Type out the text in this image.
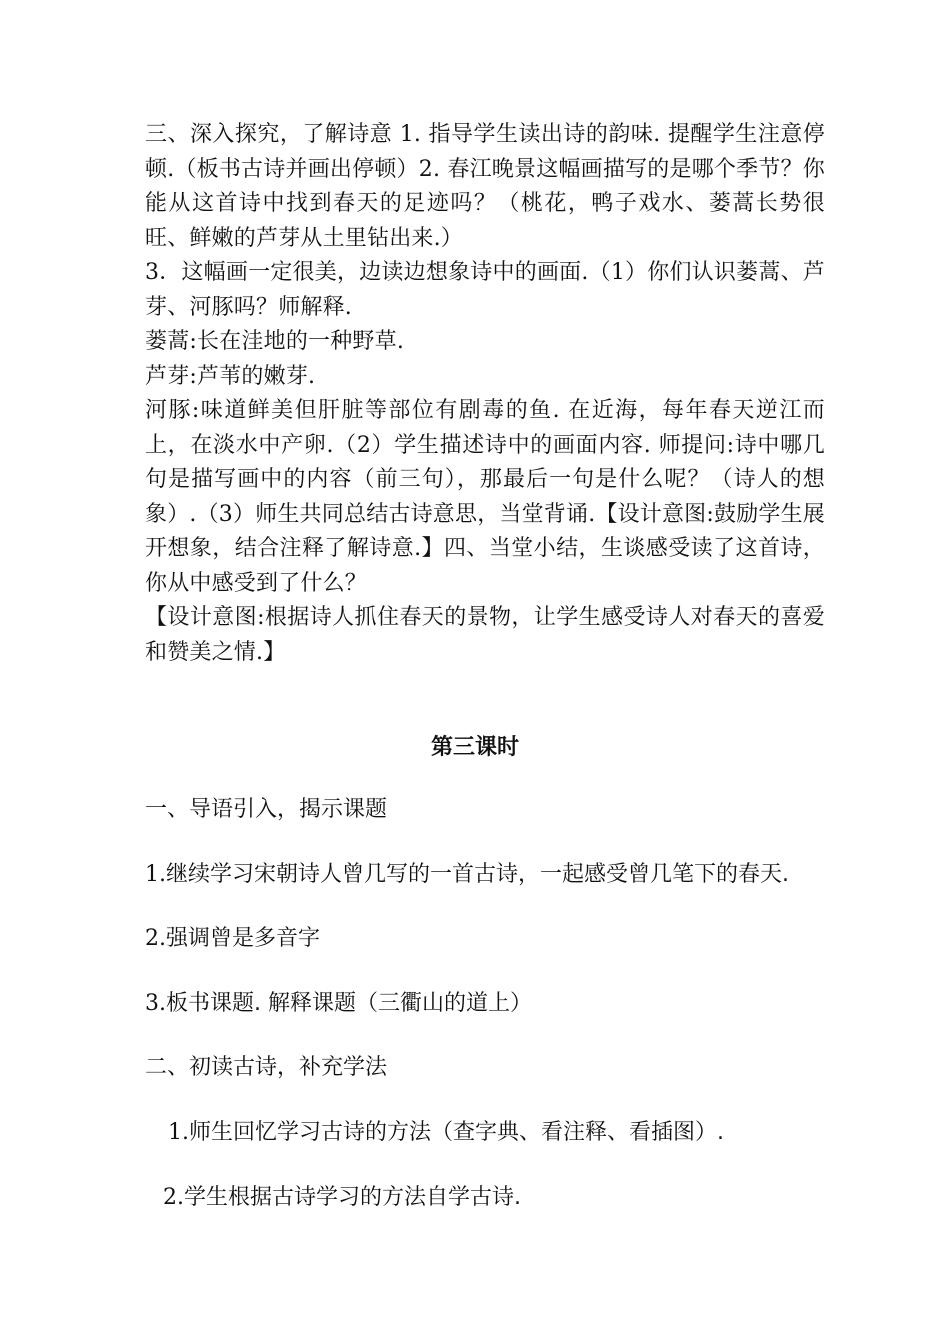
三、深入探究，了解诗意 1. 指导学生读出诗的韵味. 提醒学生注意停顿.（板书古诗并画出停顿）2. 春江晚景这幅画描写的是哪个季节？你能从这首诗中找到春天的足迹吗？（桃花，鸭子戏水、蒌蒿长势很旺、鲜嫩的芦芽从土里钻出来.）

3．这幅画一定很美，边读边想象诗中的画面.（1）你们认识蒌蒿、芦芽、河豚吗？师解释.

蒌蒿:长在洼地的一种野草.

芦芽:芦苇的嫩芽.

河豚:味道鲜美但肝脏等部位有剧毒的鱼. 在近海，每年春天逆江而上，在淡水中产卵.（2）学生描述诗中的画面内容. 师提问:诗中哪几句是描写画中的内容（前三句），那最后一句是什么呢？（诗人的想象）.（3）师生共同总结古诗意思，当堂背诵.【设计意图:鼓励学生展开想象，结合注释了解诗意.】四、当堂小结，生谈感受读了这首诗，你从中感受到了什么？

【设计意图:根据诗人抓住春天的景物，让学生感受诗人对春天的喜爱和赞美之情.】

第三课时

一、导语引入，揭示课题

1.继续学习宋朝诗人曾几写的一首古诗，一起感受曾几笔下的春天.

2.强调曾是多音字

3.板书课题. 解释课题（三衢山的道上）

二、初读古诗，补充学法

1.师生回忆学习古诗的方法（查字典、看注释、看插图）.

2.学生根据古诗学习的方法自学古诗.
